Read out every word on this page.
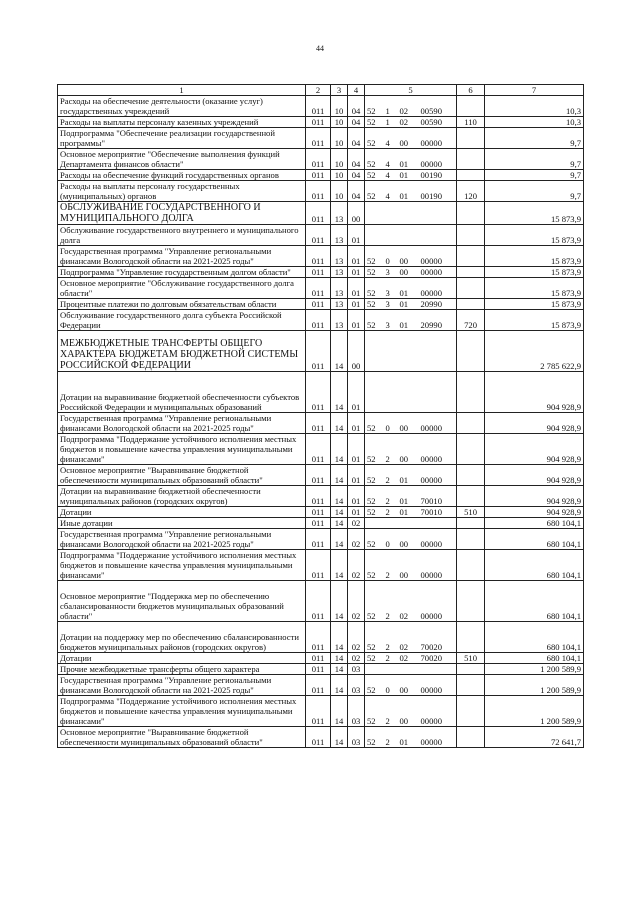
44
1	2	3	4	5				6	7
Расходы на обеспечение деятельности (оказание услуг) государственных учреждений	011	10	04	52	1	02	00590		10,3
Расходы на выплаты персоналу казенных учреждений	011	10	04	52	1	02	00590	110	10,3
Подпрограмма "Обеспечение реализации государственной программы"	011	10	04	52	4	00	00000		9,7
Основное мероприятие "Обеспечение выполнения функций Департамента финансов области"	011	10	04	52	4	01	00000		9,7
Расходы на обеспечение функций государственных органов	011	10	04	52	4	01	00190		9,7
Расходы на выплаты персоналу государственных (муниципальных) органов	011	10	04	52	4	01	00190	120	9,7
ОБСЛУЖИВАНИЕ ГОСУДАРСТВЕННОГО И МУНИЦИПАЛЬНОГО ДОЛГА	011	13	00						15 873,9
Обслуживание государственного внутреннего и муниципального долга	011	13	01						15 873,9
Государственная программа "Управление региональными финансами Вологодской области на 2021-2025 годы"	011	13	01	52	0	00	00000		15 873,9
Подпрограмма "Управление государственным долгом области"	011	13	01	52	3	00	00000		15 873,9
Основное мероприятие "Обслуживание государственного долга области"	011	13	01	52	3	01	00000		15 873,9
Процентные платежи по долговым обязательствам области	011	13	01	52	3	01	20990		15 873,9
Обслуживание государственного долга субъекта Российской Федерации	011	13	01	52	3	01	20990	720	15 873,9
МЕЖБЮДЖЕТНЫЕ ТРАНСФЕРТЫ ОБЩЕГО ХАРАКТЕРА БЮДЖЕТАМ БЮДЖЕТНОЙ СИСТЕМЫ РОССИЙСКОЙ ФЕДЕРАЦИИ	011	14	00						2 785 622,9
Дотации на выравнивание бюджетной обеспеченности субъектов Российской Федерации и муниципальных образований	011	14	01						904 928,9
Государственная программа "Управление региональными финансами Вологодской области на 2021-2025 годы"	011	14	01	52	0	00	00000		904 928,9
Подпрограмма "Поддержание устойчивого исполнения местных бюджетов и повышение качества управления муниципальными финансами"	011	14	01	52	2	00	00000		904 928,9
Основное мероприятие "Выравнивание бюджетной обеспеченности муниципальных образований области"	011	14	01	52	2	01	00000		904 928,9
Дотации на выравнивание бюджетной обеспеченности муниципальных районов (городских округов)	011	14	01	52	2	01	70010		904 928,9
Дотации	011	14	01	52	2	01	70010	510	904 928,9
Иные дотации	011	14	02						680 104,1
Государственная программа "Управление региональными финансами Вологодской области на 2021-2025 годы"	011	14	02	52	0	00	00000		680 104,1
Подпрограмма "Поддержание устойчивого исполнения местных бюджетов и повышение качества управления муниципальными финансами"	011	14	02	52	2	00	00000		680 104,1
Основное мероприятие "Поддержка мер по обеспечению сбалансированности бюджетов муниципальных образований области"	011	14	02	52	2	02	00000		680 104,1
Дотации на поддержку мер по обеспечению сбалансированности бюджетов муниципальных районов (городских округов)	011	14	02	52	2	02	70020		680 104,1
Дотации	011	14	02	52	2	02	70020	510	680 104,1
Прочие межбюджетные трансферты общего характера	011	14	03						1 200 589,9
Государственная программа "Управление региональными финансами Вологодской области на 2021-2025 годы"	011	14	03	52	0	00	00000		1 200 589,9
Подпрограмма "Поддержание устойчивого исполнения местных бюджетов и повышение качества управления муниципальными финансами"	011	14	03	52	2	00	00000		1 200 589,9
Основное мероприятие "Выравнивание бюджетной обеспеченности муниципальных образований области"	011	14	03	52	2	01	00000		72 641,7
